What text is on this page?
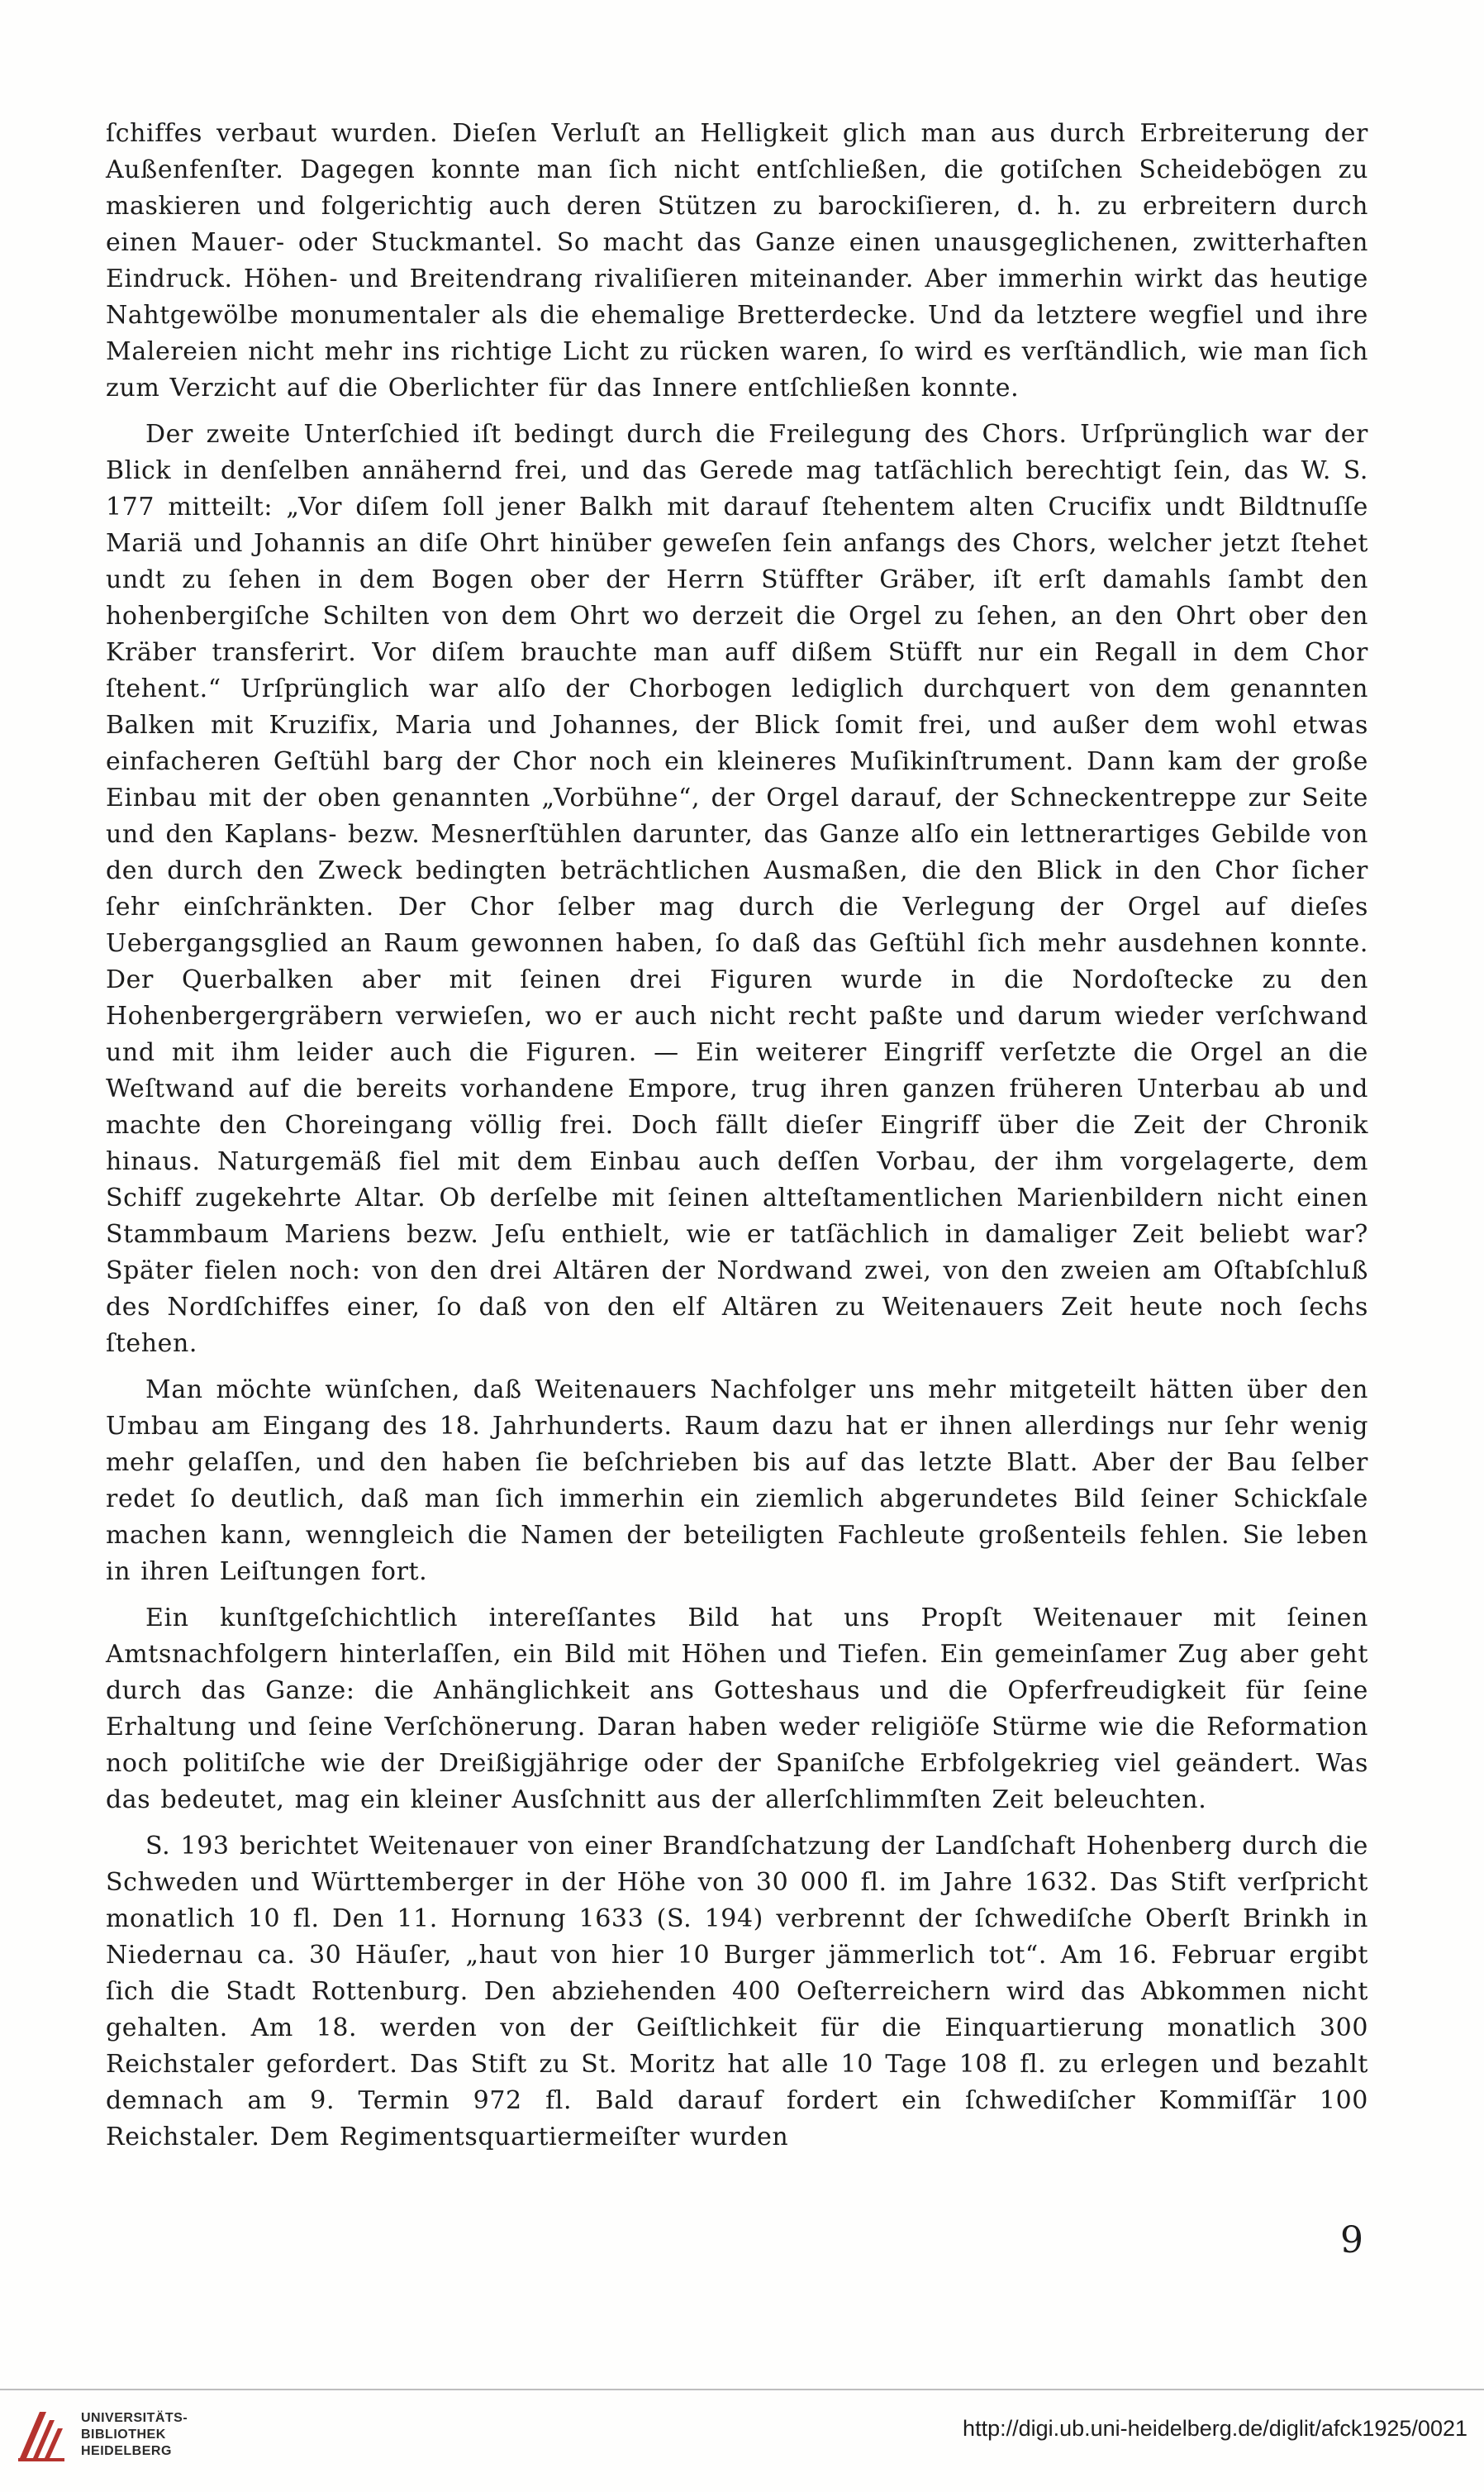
ſchiffes verbaut wurden. Dieſen Verluſt an Helligkeit glich man aus durch Erbreiterung der Außenfenſter. Dagegen konnte man ſich nicht entſchließen, die gotiſchen Scheidebögen zu maskieren und folgerichtig auch deren Stützen zu barockiſieren, d. h. zu erbreitern durch einen Mauer- oder Stuckmantel. So macht das Ganze einen unausgeglichenen, zwitterhaften Eindruck. Höhen- und Breitendrang rivaliſieren miteinander. Aber immerhin wirkt das heutige Nahtgewölbe monumentaler als die ehemalige Bretterdecke. Und da letztere wegfiel und ihre Malereien nicht mehr ins richtige Licht zu rücken waren, ſo wird es verſtändlich, wie man ſich zum Verzicht auf die Oberlichter für das Innere entſchließen konnte.

Der zweite Unterſchied iſt bedingt durch die Freilegung des Chors. Urſprünglich war der Blick in denſelben annähernd frei, und das Gerede mag tatſächlich berechtigt ſein, das W. S. 177 mitteilt: „Vor diſem ſoll jener Balkh mit darauf ſtehentem alten Crucifix undt Bildtnuſſe Mariä und Johannis an diſe Ohrt hinüber geweſen ſein anfangs des Chors, welcher jetzt ſtehet undt zu ſehen in dem Bogen ober der Herrn Stüffter Gräber, iſt erſt damahls ſambt den hohenbergiſche Schilten von dem Ohrt wo derzeit die Orgel zu ſehen, an den Ohrt ober den Kräber transferirt. Vor diſem brauchte man auff dißem Stüfft nur ein Regall in dem Chor ſtehent.“ Urſprünglich war alſo der Chorbogen lediglich durchquert von dem genannten Balken mit Kruzifix, Maria und Johannes, der Blick ſomit frei, und außer dem wohl etwas einfacheren Geſtühl barg der Chor noch ein kleineres Muſikinſtrument. Dann kam der große Einbau mit der oben genannten „Vorbühne“, der Orgel darauf, der Schneckentreppe zur Seite und den Kaplans- bezw. Mesnerſtühlen darunter, das Ganze alſo ein lettnerartiges Gebilde von den durch den Zweck bedingten beträchtlichen Ausmaßen, die den Blick in den Chor ſicher ſehr einſchränkten. Der Chor ſelber mag durch die Verlegung der Orgel auf dieſes Uebergangsglied an Raum gewonnen haben, ſo daß das Geſtühl ſich mehr ausdehnen konnte. Der Querbalken aber mit ſeinen drei Figuren wurde in die Nordoſtecke zu den Hohenbergergräbern verwieſen, wo er auch nicht recht paßte und darum wieder verſchwand und mit ihm leider auch die Figuren. — Ein weiterer Eingriff verſetzte die Orgel an die Weſtwand auf die bereits vorhandene Empore, trug ihren ganzen früheren Unterbau ab und machte den Choreingang völlig frei. Doch fällt dieſer Eingriff über die Zeit der Chronik hinaus. Naturgemäß fiel mit dem Einbau auch deſſen Vorbau, der ihm vorgelagerte, dem Schiff zugekehrte Altar. Ob derſelbe mit ſeinen altteſtamentlichen Marienbildern nicht einen Stammbaum Mariens bezw. Jeſu enthielt, wie er tatſächlich in damaliger Zeit beliebt war? Später fielen noch: von den drei Altären der Nordwand zwei, von den zweien am Oſtabſchluß des Nordſchiffes einer, ſo daß von den elf Altären zu Weitenauers Zeit heute noch ſechs ſtehen.

Man möchte wünſchen, daß Weitenauers Nachfolger uns mehr mitgeteilt hätten über den Umbau am Eingang des 18. Jahrhunderts. Raum dazu hat er ihnen allerdings nur ſehr wenig mehr gelaſſen, und den haben ſie beſchrieben bis auf das letzte Blatt. Aber der Bau ſelber redet ſo deutlich, daß man ſich immerhin ein ziemlich abgerundetes Bild ſeiner Schickſale machen kann, wenngleich die Namen der beteiligten Fachleute großenteils fehlen. Sie leben in ihren Leiſtungen fort.

Ein kunſtgeſchichtlich intereſſantes Bild hat uns Propſt Weitenauer mit ſeinen Amtsnachfolgern hinterlaſſen, ein Bild mit Höhen und Tiefen. Ein gemeinſamer Zug aber geht durch das Ganze: die Anhänglichkeit ans Gotteshaus und die Opferfreudigkeit für ſeine Erhaltung und ſeine Verſchönerung. Daran haben weder religiöſe Stürme wie die Reformation noch politiſche wie der Dreißigjährige oder der Spaniſche Erbfolgekrieg viel geändert. Was das bedeutet, mag ein kleiner Ausſchnitt aus der allerſchlimmſten Zeit beleuchten.

S. 193 berichtet Weitenauer von einer Brandſchatzung der Landſchaft Hohenberg durch die Schweden und Württemberger in der Höhe von 30 000 fl. im Jahre 1632. Das Stift verſpricht monatlich 10 fl. Den 11. Hornung 1633 (S. 194) verbrennt der ſchwediſche Oberſt Brinkh in Niedernau ca. 30 Häuſer, „haut von hier 10 Burger jämmerlich tot“. Am 16. Februar ergibt ſich die Stadt Rottenburg. Den abziehenden 400 Oeſterreichern wird das Abkommen nicht gehalten. Am 18. werden von der Geiſtlichkeit für die Einquartierung monatlich 300 Reichstaler gefordert. Das Stift zu St. Moritz hat alle 10 Tage 108 fl. zu erlegen und bezahlt demnach am 9. Termin 972 fl. Bald darauf fordert ein ſchwediſcher Kommiſſär 100 Reichstaler. Dem Regimentsquartiermeiſter wurden

9
UNIVERSITÄTS-
BIBLIOTHEK
HEIDELBERG
http://digi.ub.uni-heidelberg.de/diglit/afck1925/0021
